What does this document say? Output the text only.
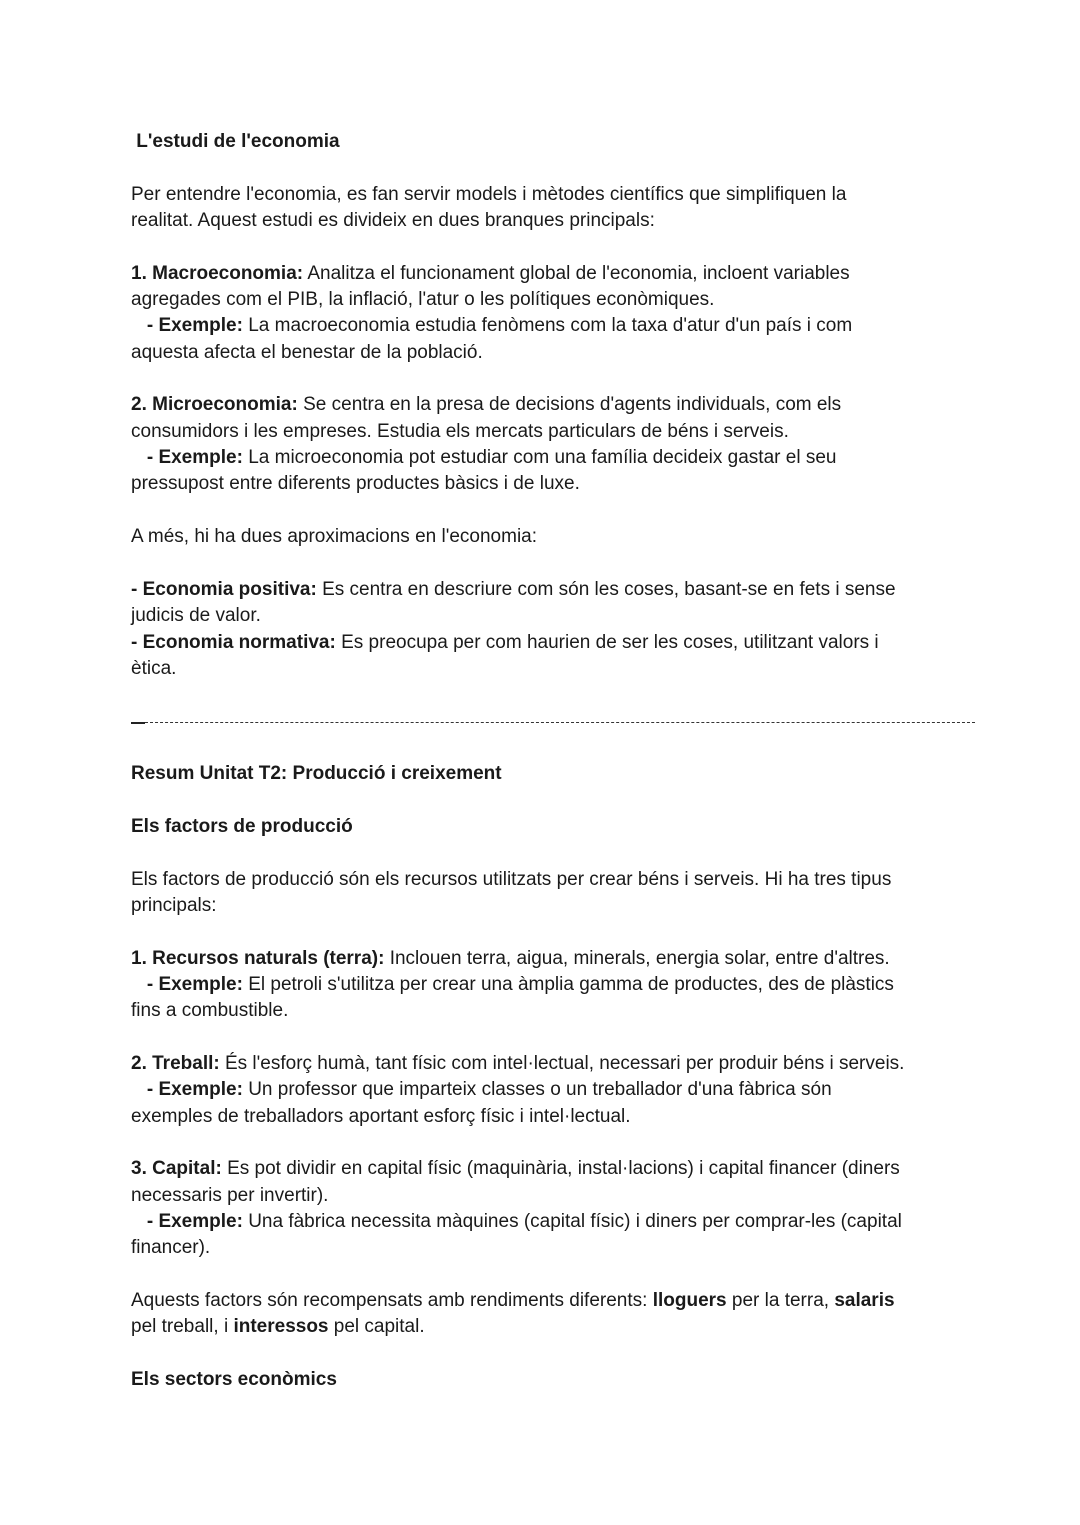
L'estudi de l'economia
Per entendre l'economia, es fan servir models i mètodes científics que simplifiquen la
realitat. Aquest estudi es divideix en dues branques principals:
1. Macroeconomia: Analitza el funcionament global de l'economia, incloent variables
agregades com el PIB, la inflació, l'atur o les polítiques econòmiques.
- Exemple: La macroeconomia estudia fenòmens com la taxa d'atur d'un país i com
aquesta afecta el benestar de la població.
2. Microeconomia: Se centra en la presa de decisions d'agents individuals, com els
consumidors i les empreses. Estudia els mercats particulars de béns i serveis.
- Exemple: La microeconomia pot estudiar com una família decideix gastar el seu
pressupost entre diferents productes bàsics i de luxe.
A més, hi ha dues aproximacions en l'economia:
- Economia positiva: Es centra en descriure com són les coses, basant-se en fets i sense
judicis de valor.
- Economia normativa: Es preocupa per com haurien de ser les coses, utilitzant valors i
ètica.
Resum Unitat T2: Producció i creixement
Els factors de producció
Els factors de producció són els recursos utilitzats per crear béns i serveis. Hi ha tres tipus
principals:
1. Recursos naturals (terra): Inclouen terra, aigua, minerals, energia solar, entre d'altres.
- Exemple: El petroli s'utilitza per crear una àmplia gamma de productes, des de plàstics
fins a combustible.
2. Treball: És l'esforç humà, tant físic com intel·lectual, necessari per produir béns i serveis.
- Exemple: Un professor que imparteix classes o un treballador d'una fàbrica són
exemples de treballadors aportant esforç físic i intel·lectual.
3. Capital: Es pot dividir en capital físic (maquinària, instal·lacions) i capital financer (diners
necessaris per invertir).
- Exemple: Una fàbrica necessita màquines (capital físic) i diners per comprar-les (capital
financer).
Aquests factors són recompensats amb rendiments diferents: lloguers per la terra, salaris
pel treball, i interessos pel capital.
Els sectors econòmics
